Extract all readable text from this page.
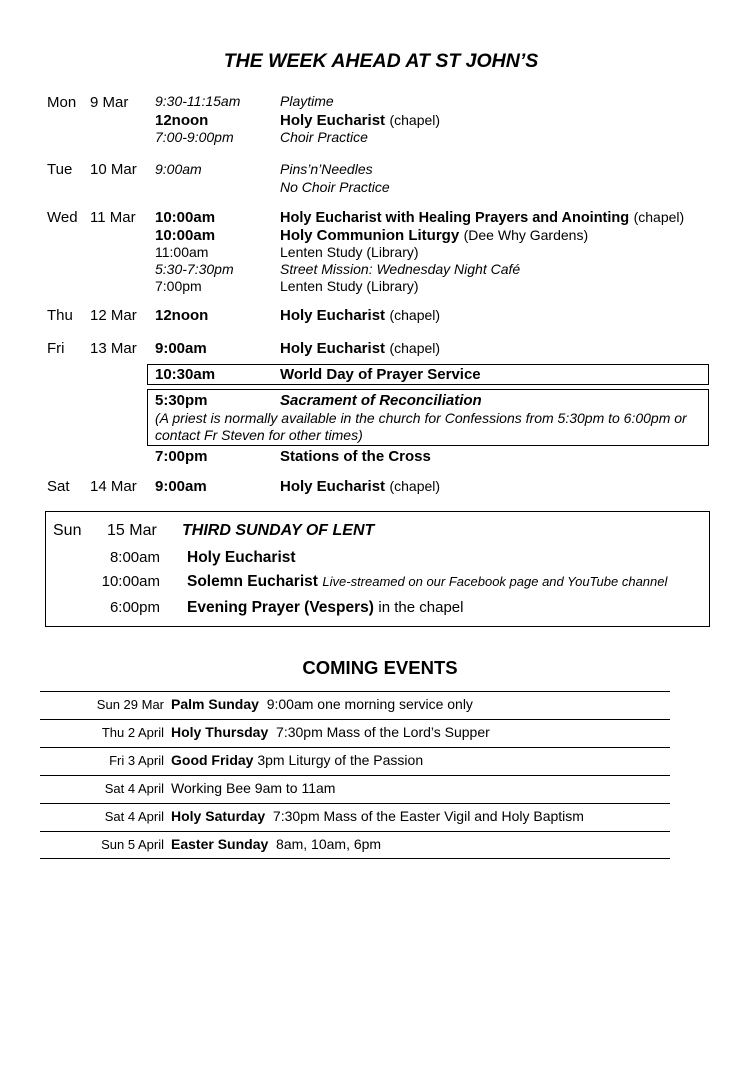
THE WEEK AHEAD AT ST JOHN’S
Mon 9 Mar 9:30-11:15am	Playtime
12noon	Holy Eucharist (chapel)
7:00-9:00pm	Choir Practice
Tue 10 Mar 9:00am	Pins’n’Needles
No Choir Practice
Wed 11 Mar 10:00am	Holy Eucharist with Healing Prayers and Anointing (chapel)
10:00am	Holy Communion Liturgy (Dee Why Gardens)
11:00am	Lenten Study (Library)
5:30-7:30pm	Street Mission: Wednesday Night Café
7:00pm	Lenten Study (Library)
Thu 12 Mar 12noon	Holy Eucharist (chapel)
Fri 13 Mar 9:00am	Holy Eucharist (chapel)
10:30am	World Day of Prayer Service
5:30pm	Sacrament of Reconciliation
(A priest is normally available in the church for Confessions from 5:30pm to 6:00pm or contact Fr Steven for other times)
7:00pm	Stations of the Cross
Sat 14 Mar 9:00am	Holy Eucharist (chapel)
Sun 15 Mar THIRD SUNDAY OF LENT
8:00am Holy Eucharist
10:00am Solemn Eucharist Live-streamed on our Facebook page and YouTube channel
6:00pm Evening Prayer (Vespers) in the chapel
COMING EVENTS
Sun 29 Mar Palm Sunday 9:00am one morning service only
Thu 2 April Holy Thursday 7:30pm Mass of the Lord’s Supper
Fri 3 April Good Friday 3pm Liturgy of the Passion
Sat 4 April Working Bee 9am to 11am
Sat 4 April Holy Saturday 7:30pm Mass of the Easter Vigil and Holy Baptism
Sun 5 April Easter Sunday 8am, 10am, 6pm
